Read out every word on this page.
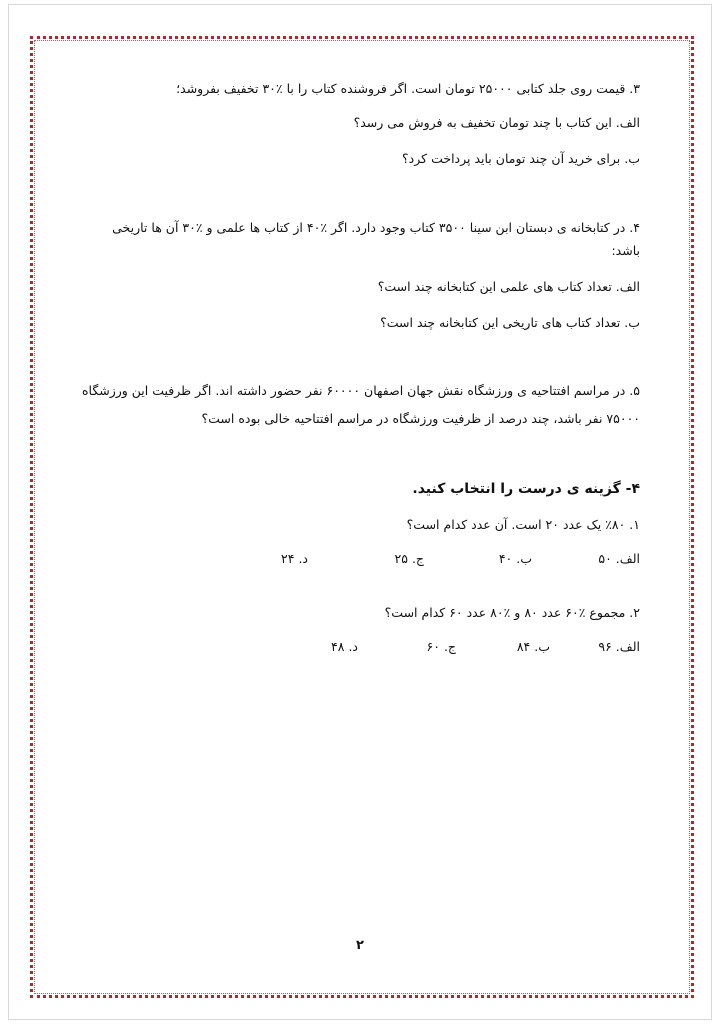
۳. قیمت روی جلد کتابی ۲۵۰۰۰ تومان است. اگر فروشنده کتاب را با ٪۳۰ تخفیف بفروشد؛
الف. این کتاب با چند تومان تخفیف به فروش می رسد؟
ب. برای خرید آن چند تومان باید پرداخت کرد؟
۴. در کتابخانه ی دبستان ابن سینا ۳۵۰۰ کتاب وجود دارد. اگر ٪۴۰ از کتاب ها علمی و ٪۳۰ آن ها تاریخی
باشد:
الف. تعداد کتاب های علمی این کتابخانه چند است؟
ب. تعداد کتاب های تاریخی این کتابخانه چند است؟
۵. در مراسم افتتاحیه ی ورزشگاه نقش جهان اصفهان ۶۰۰۰۰ نفر حضور داشته اند. اگر ظرفیت این ورزشگاه
۷۵۰۰۰ نفر باشد، چند درصد از ظرفیت ورزشگاه در مراسم افتتاحیه خالی بوده است؟
۴- گزینه ی درست را انتخاب کنید.
۱. ٪۸۰ یک عدد ۲۰ است. آن عدد کدام است؟
الف. ۵۰
ب. ۴۰
ج. ۲۵
د. ۲۴
۲. مجموع ٪۶۰ عدد ۸۰ و ٪۸۰ عدد ۶۰ کدام است؟
الف. ۹۶
ب. ۸۴
ج. ۶۰
د. ۴۸
۲
